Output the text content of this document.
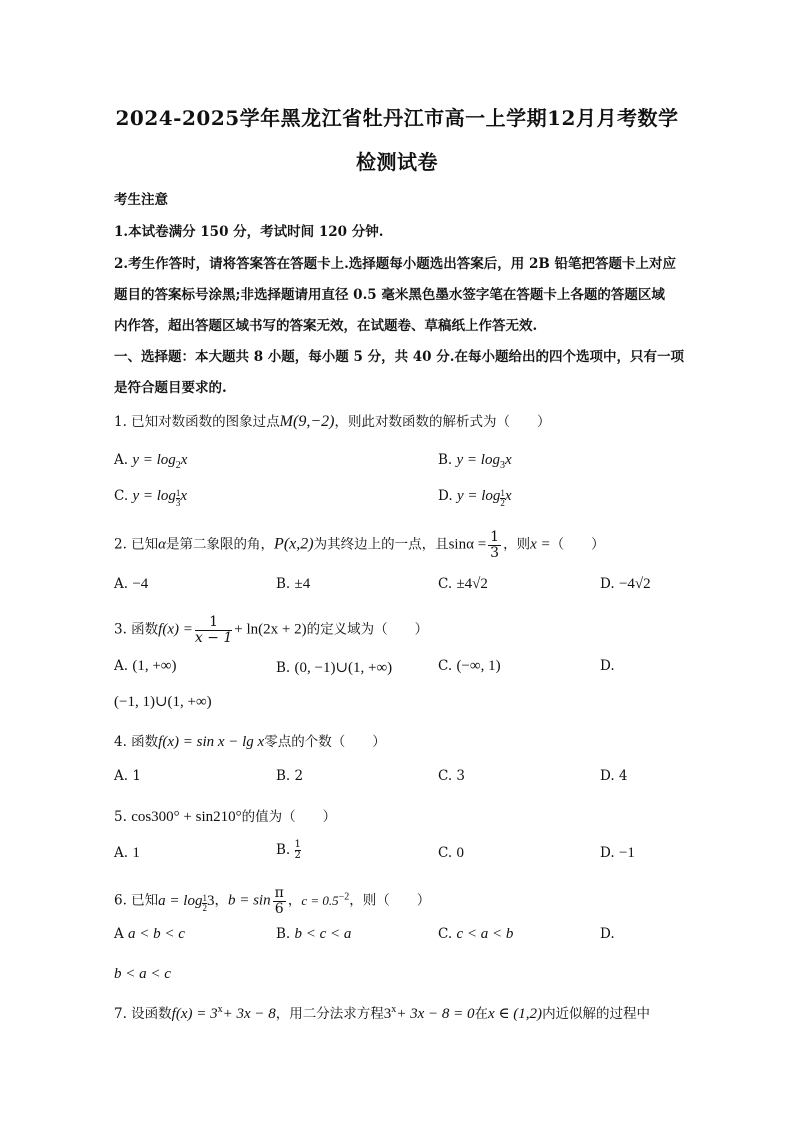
2024-2025学年黑龙江省牡丹江市高一上学期12月月考数学
检测试卷
考生注意
1.本试卷满分 150 分，考试时间 120 分钟.
2.考生作答时，请将答案答在答题卡上.选择题每小题选出答案后，用 2B 铅笔把答题卡上对应
题目的答案标号涂黑;非选择题请用直径 0.5 毫米黑色墨水签字笔在答题卡上各题的答题区域
内作答，超出答题区域书写的答案无效，在试题卷、草稿纸上作答无效.
一、选择题：本大题共 8 小题，每小题 5 分，共 40 分.在每小题给出的四个选项中，只有一项
是符合题目要求的.
1. 已知对数函数的图象过点M(9,−2)，则此对数函数的解析式为（　　）
A. $y = \log_2x$	B. $y = \log_3x$
C. $y = \log \frac{1}{3}$ x	D. $y = \log \frac{1}{2}$ x
2. 已知α是第二象限的角，P(x,2)为其终边上的一点，且$\sin\alpha = \frac{1}{3}$ ，则x =（　　）
A. −4	B. ±4	C. ±4√2	D. −4√2
3. 函数$f(x) = \frac{1}{x - 1} + \ln(2x + 2)$的定义域为（　　）
A. (1, +∞)	B. (0, −1)∪(1, +∞)	C. (−∞, 1)	D.
(−1, 1)∪(1, +∞)
4. 函数f(x) = sin x − lg x零点的个数（　　）
A. 1	B. 2	C. 3	D. 4
5. cos300° + sin210°的值为（　　）
A. 1	B. $\frac{1}{2}$	C. 0	D. −1
6. 已知$a = \log \frac{1}{2} 3$，$b = \sin \frac{\pi}{6}$ ，$c = 0.5^{-2}$，则（　　）
A a < b < c	B. b < c < a	C. c < a < b	D.
b < a < c
7. 设函数$f(x) = 3^x+ 3x - 8$，用二分法求方程$3^x+ 3x - 8 = 0$在x ∈ (1,2)内近似解的过程中
